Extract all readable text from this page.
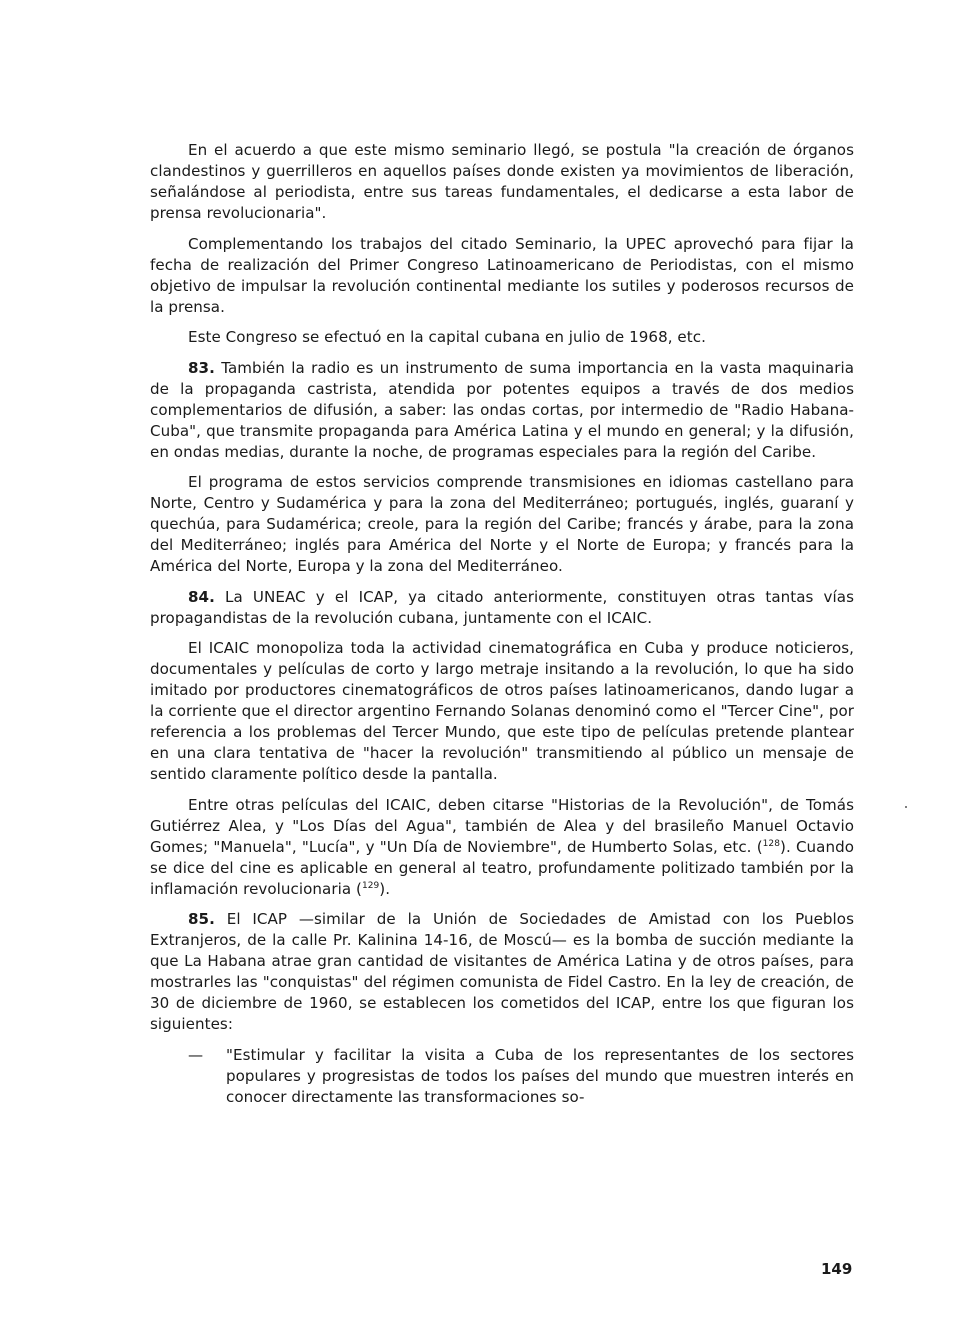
En el acuerdo a que este mismo seminario llegó, se postula "la creación de órganos clandestinos y guerrilleros en aquellos países donde existen ya movimientos de liberación, señalándose al periodista, entre sus tareas fundamentales, el dedicarse a esta labor de prensa revolucionaria".

Complementando los trabajos del citado Seminario, la UPEC aprovechó para fijar la fecha de realización del Primer Congreso Latinoamericano de Periodistas, con el mismo objetivo de impulsar la revolución continental mediante los sutiles y poderosos recursos de la prensa.

Este Congreso se efectuó en la capital cubana en julio de 1968, etc.

83. También la radio es un instrumento de suma importancia en la vasta maquinaria de la propaganda castrista, atendida por potentes equipos a través de dos medios complementarios de difusión, a saber: las ondas cortas, por intermedio de "Radio Habana-Cuba", que transmite propaganda para América Latina y el mundo en general; y la difusión, en ondas medias, durante la noche, de programas especiales para la región del Caribe.

El programa de estos servicios comprende transmisiones en idiomas castellano para Norte, Centro y Sudamérica y para la zona del Mediterráneo; portugués, inglés, guaraní y quechúa, para Sudamérica; creole, para la región del Caribe; francés y árabe, para la zona del Mediterráneo; inglés para América del Norte y el Norte de Europa; y francés para la América del Norte, Europa y la zona del Mediterráneo.

84. La UNEAC y el ICAP, ya citado anteriormente, constituyen otras tantas vías propagandistas de la revolución cubana, juntamente con el ICAIC.

El ICAIC monopoliza toda la actividad cinematográfica en Cuba y produce noticieros, documentales y películas de corto y largo metraje insitando a la revolución, lo que ha sido imitado por productores cinematográficos de otros países latinoamericanos, dando lugar a la corriente que el director argentino Fernando Solanas denominó como el "Tercer Cine", por referencia a los problemas del Tercer Mundo, que este tipo de películas pretende plantear en una clara tentativa de "hacer la revolución" transmitiendo al público un mensaje de sentido claramente político desde la pantalla.

Entre otras películas del ICAIC, deben citarse "Historias de la Revolución", de Tomás Gutiérrez Alea, y "Los Días del Agua", también de Alea y del brasileño Manuel Octavio Gomes; "Manuela", "Lucía", y "Un Día de Noviembre", de Humberto Solas, etc. ($^{128}$). Cuando se dice del cine es aplicable en general al teatro, profundamente politizado también por la inflamación revolucionaria ($^{129}$).

85. El ICAP —similar de la Unión de Sociedades de Amistad con los Pueblos Extranjeros, de la calle Pr. Kalinina 14-16, de Moscú— es la bomba de succión mediante la que La Habana atrae gran cantidad de visitantes de América Latina y de otros países, para mostrarles las "conquistas" del régimen comunista de Fidel Castro. En la ley de creación, de 30 de diciembre de 1960, se establecen los cometidos del ICAP, entre los que figuran los siguientes:

—	"Estimular y facilitar la visita a Cuba de los representantes de los sectores populares y progresistas de todos los países del mundo que muestren interés en conocer directamente las transformaciones so-

149
